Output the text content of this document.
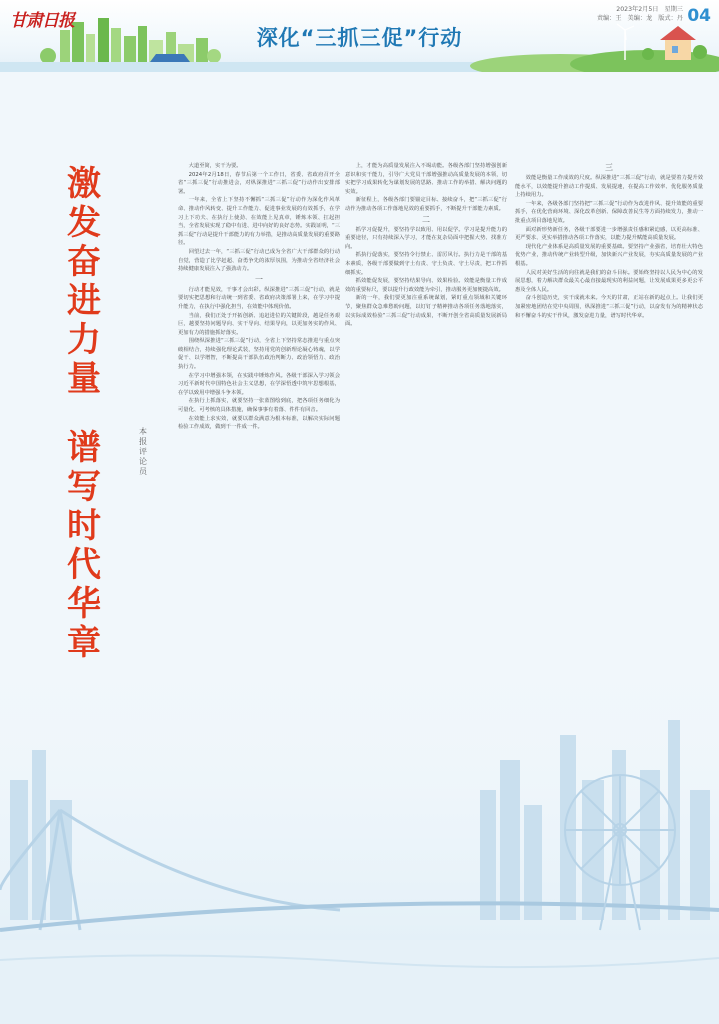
甘肃日报
深化“三抓三促”行动
2023年2月5日 星期三
责编：王 美编：龙 版式：丹 04
激
发
奋
进
力
量
谱
写
时
代
华
章
本
报
评
论
员

大道至简，实干为要。

2024年2月18日，春节后第一个工作日，省委、省政府召开全省“三抓三促”行动推进会，对纵深推进“三抓三促”行动作出安排部署。

一年来，全省上下坚持不懈抓“三抓三促”行动作为深化作风革命、推动作风转变、提升工作能力、促进事业发展的有效抓手，在学习上下功夫、在执行上使劲、在效能上见真章，锤炼本领、扛起担当，全省发展实现了稳中有进、进中向好的良好态势。实践证明，“三抓三促”行动是提升干部能力的有力举措，是推动高质量发展的重要路径。

回望过去一年，“三抓三促”行动已成为全省广大干部群众的行动自觉，营造了比学赶超、奋勇争先的浓厚氛围，为推动全省经济社会持续健康发展注入了强劲动力。

一

行动才能见效，干事才会出彩。纵深推进“三抓三促”行动，就是要切实把思想和行动统一到省委、省政府决策部署上来，在学习中提升能力，在执行中强化担当，在效能中体现价值。

当前，我们正处于开拓创新、追赶进位的关键阶段，越是任务艰巨，越要坚持问题导向、实干导向、结果导向，以更加务实的作风、更加有力的措施抓好落实。

围绕纵深推进“三抓三促”行动，全省上下坚持常态推进与重点突破相结合，持续强化理论武装，坚持用党的创新理论凝心铸魂，以学促干、以学增智，不断提高干部队伍政治判断力、政治领悟力、政治执行力。

在学习中增强本领，在实践中锤炼作风。各级干部深入学习领会习近平新时代中国特色社会主义思想，在学深悟透中筑牢思想根基，在学以致用中增强斗争本领。

在执行上抓落实，就要坚持一张蓝图绘到底，把各项任务细化为可量化、可考核的具体措施，确保事事有着落、件件有回音。

在效能上求实效，就要以群众满意为根本标准，以解决实际问题检验工作成效，做到干一件成一件。

上，才能为高质量发展注入不竭动能。各级各部门坚持增强创新意识和实干能力，引导广大党员干部增强推动高质量发展的本领，切实把学习成果转化为谋划发展的思路、推动工作的举措、解决问题的实效。

新征程上，各级各部门要锚定目标、接续奋斗，把“三抓三促”行动作为推动各项工作落地见效的重要抓手，不断提升干部能力素质。

二

抓学习促提升，要坚持学以致用、用以促学。学习是提升能力的重要途径，只有持续深入学习，才能在复杂局面中把握大势、找准方向。

抓执行促落实，要坚持令行禁止、雷厉风行。执行力是干部的基本素质，各级干部要做到守土有责、守土负责、守土尽责，把工作抓细抓实。

抓效能促发展，要坚持结果导向、效果检验。效能是衡量工作成效的重要标尺，要以提升行政效能为牵引，推动服务更加便捷高效。

新的一年，我们要更加注重系统谋划，紧盯重点领域和关键环节，聚焦群众急难愁盼问题，以钉钉子精神推动各项任务落地落实，以实际成效检验“三抓三促”行动成果，不断开创全省高质量发展新局面。

三

效能是衡量工作成效的尺度。纵深推进“三抓三促”行动，就是要着力提升效能水平，以效能提升推动工作提质、发展提速，在提高工作效率、优化服务质量上持续用力。

一年来，各级各部门坚持把“三抓三促”行动作为改进作风、提升效能的重要抓手，在优化营商环境、深化改革创新、保障改善民生等方面持续发力，推动一批重点项目落地见效。

面对新形势新任务，各级干部要进一步增强责任感和紧迫感，以更高标准、更严要求、更实举措推动各项工作落实，以能力提升赋能高质量发展。

现代化产业体系是高质量发展的重要基础。要坚持产业强省，培育壮大特色优势产业，推动传统产业转型升级，加快新兴产业发展，夯实高质量发展的产业根基。

人民对美好生活的向往就是我们的奋斗目标。要始终坚持以人民为中心的发展思想，着力解决群众最关心最直接最现实的利益问题，让发展成果更多更公平惠及全体人民。

奋斗创造历史，实干成就未来。今天的甘肃，正站在新的起点上。让我们更加紧密地团结在党中央周围，纵深推进“三抓三促”行动，以奋发有为的精神状态和不懈奋斗的实干作风，激发奋进力量，谱写时代华章。
